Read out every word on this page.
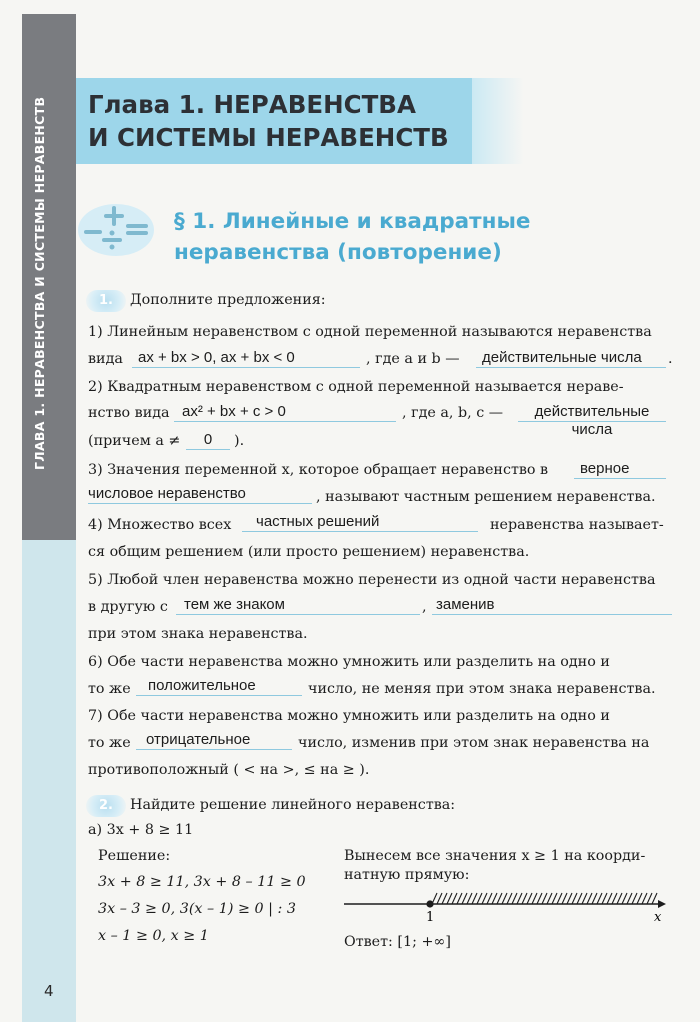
ГЛАВА 1. НЕРАВЕНСТВА И СИСТЕМЫ НЕРАВЕНСТВ Глава 1. НЕРАВЕНСТВА
И СИСТЕМЫ НЕРАВЕНСТВ
§ 1. Линейные и квадратные
неравенства (повторение)
1.	Дополните предложения:
1) Линейным неравенством с одной переменной называются неравенства
вида	ax + bx > 0, ax + bx < 0	, где a и b —	действительные числа	.
2) Квадратным неравенством с одной переменной называется нераве-
нство вида ax² + bx + c > 0	, где a, b, c —	действительные
числа
(причем a ≠	0	).
3) Значения переменной x, которое обращает неравенство в	верное
числовое неравенство	, называют частным решением неравенства.
4) Множество всех	частных решений	неравенства называет-
ся общим решением (или просто решением) неравенства.
5) Любой член неравенства можно перенести из одной части неравенства
в другую с	тем же знаком	, заменив
при этом знака неравенства.
6) Обе части неравенства можно умножить или разделить на одно и
то же	положительное	число, не меняя при этом знака неравенства.
7) Обе части неравенства можно умножить или разделить на одно и
то же	отрицательное	число, изменив при этом знак неравенства на
противоположный ( < на >, ≤ на ≥ ).
2.	Найдите решение линейного неравенства:
а) 3x + 8 ≥ 11
Решение:
3x + 8 ≥ 11, 3x + 8 – 11 ≥ 0
3x – 3 ≥ 0, 3(x – 1) ≥ 0 | : 3
x – 1 ≥ 0, x ≥ 1
Вынесем все значения x ≥ 1 на коорди-
натную прямую:
1	x
Ответ: [1; +∞]
4
